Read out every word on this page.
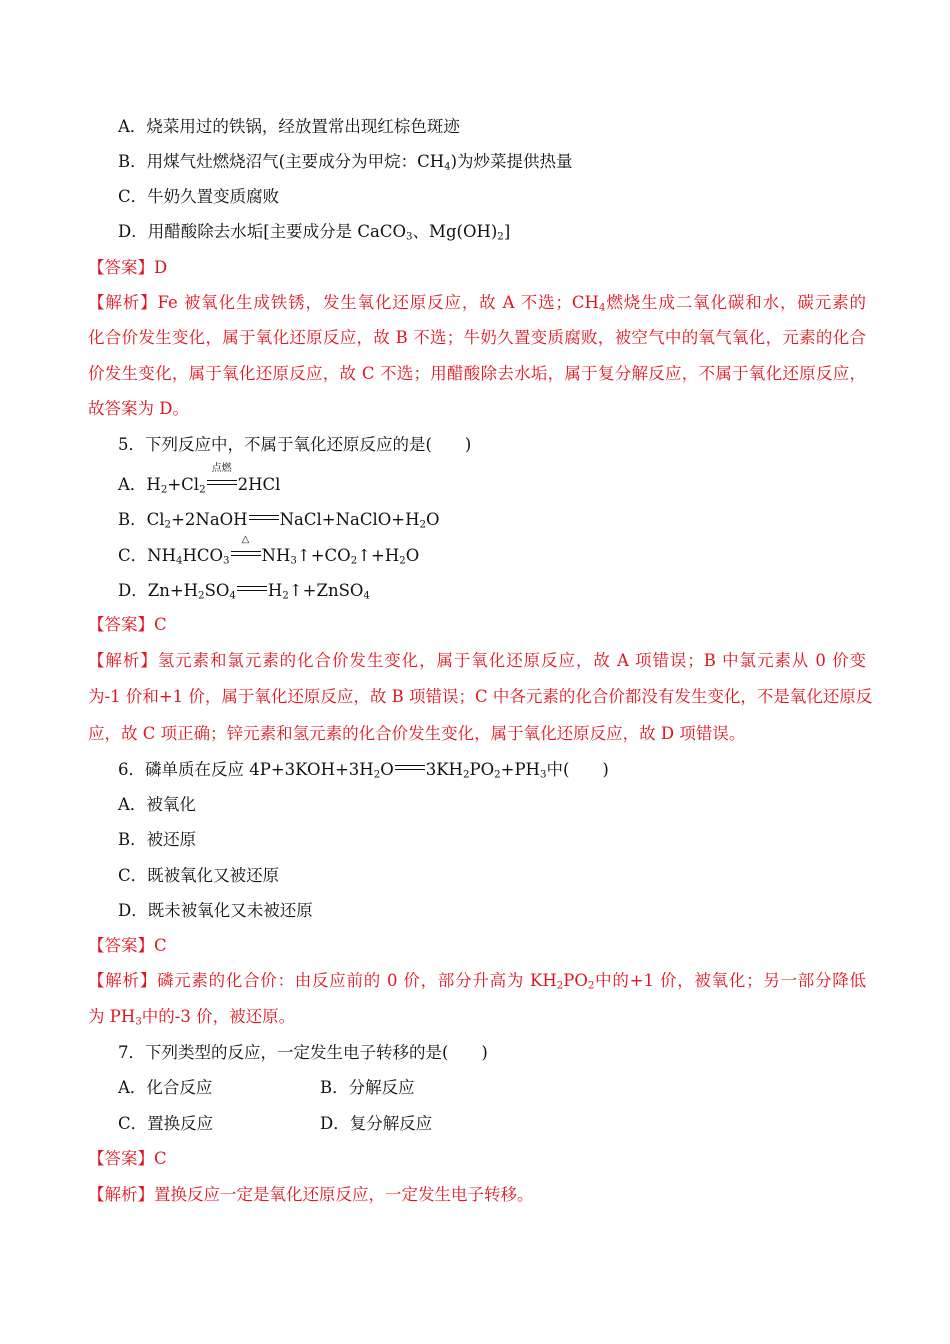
A．烧菜用过的铁锅，经放置常出现红棕色斑迹
B．用煤气灶燃烧沼气(主要成分为甲烷：$CH_4$)为炒菜提供热量
C．牛奶久置变质腐败
D．用醋酸除去水垢[主要成分是 CaCO$_3$、$Mg(OH)_2$]
【答案】D
【解析】Fe 被氧化生成铁锈，发生氧化还原反应，故 A 不选；$CH_4$燃烧生成二氧化碳和水，碳元素的
化合价发生变化，属于氧化还原反应，故 B 不选；牛奶久置变质腐败，被空气中的氧气氧化，元素的化合
价发生变化，属于氧化还原反应，故 C 不选；用醋酸除去水垢，属于复分解反应，不属于氧化还原反应，
故答案为 D。
5．下列反应中，不属于氧化还原反应的是(　　)
A．$H_2+Cl_2$
点燃
2HCl
B．$Cl_2+2NaOH$ $NaCl+NaClO+H_2O$
C．$NH_4HCO_3$
△
$NH_3↑+CO_2↑+H_2O$
D．$Zn+H_2SO_4$ $H_2↑+ZnSO_4$
【答案】C
【解析】氢元素和氯元素的化合价发生变化，属于氧化还原反应，故 A 项错误；B 中氯元素从 0 价变
为-1 价和+1 价，属于氧化还原反应，故 B 项错误；C 中各元素的化合价都没有发生变化，不是氧化还原反
应，故 C 项正确；锌元素和氢元素的化合价发生变化，属于氧化还原反应，故 D 项错误。
6．磷单质在反应 $4P+3KOH+3H_2O$ $3KH_2PO_2+PH_3$中(　　)
A．被氧化
B．被还原
C．既被氧化又被还原
D．既未被氧化又未被还原
【答案】C
【解析】磷元素的化合价：由反应前的 0 价，部分升高为 $KH_2PO_2$中的+1 价，被氧化；另一部分降低
为 $PH_3$中的-3 价，被还原。
7．下列类型的反应，一定发生电子转移的是(　　)
A．化合反应	B．分解反应
C．置换反应	D．复分解反应
【答案】C
【解析】置换反应一定是氧化还原反应，一定发生电子转移。
